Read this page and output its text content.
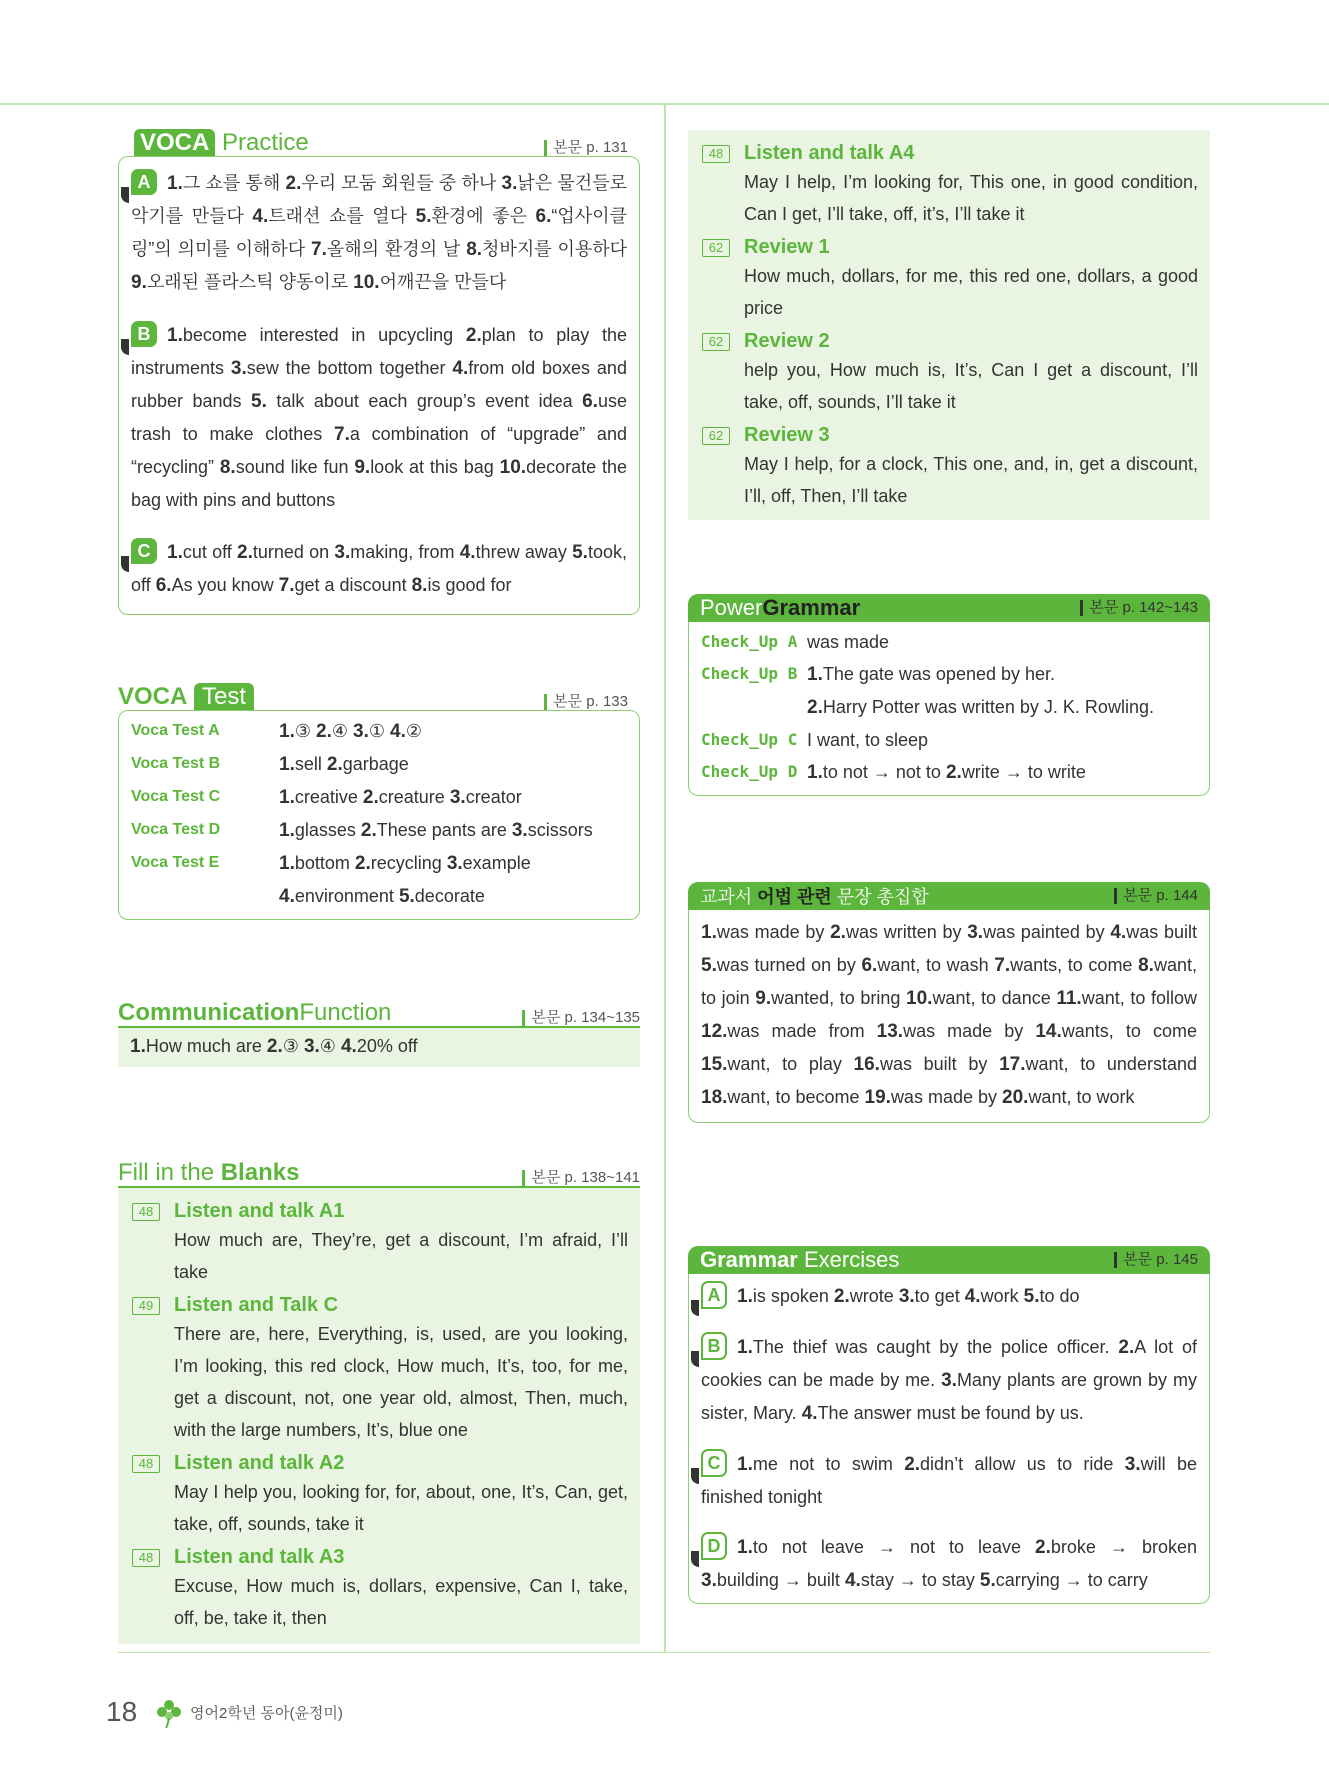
VOCA Practice	본문 p. 131
A 1.그 쇼를 통해 2.우리 모둠 회원들 중 하나 3.낡은 물건들로 악기를 만들다 4.트래션 쇼를 열다 5.환경에 좋은 6.“업사이클링”의 의미를 이해하다 7.올해의 환경의 날 8.청바지를 이용하다 9.오래된 플라스틱 양동이로 10.어깨끈을 만들다
B 1.become interested in upcycling 2.plan to play the instruments 3.sew the bottom together 4.from old boxes and rubber bands 5. talk about each group’s event idea 6.use trash to make clothes 7.a combination of “upgrade” and “recycling” 8.sound like fun 9.look at this bag 10.decorate the bag with pins and buttons
C 1.cut off 2.turned on 3.making, from 4.threw away 5.took, off 6.As you know 7.get a discount 8.is good for
VOCA Test	본문 p. 133
Voca Test A	1.③ 2.④ 3.① 4.②
Voca Test B	1.sell 2.garbage
Voca Test C	1.creative 2.creature 3.creator
Voca Test D	1.glasses 2.These pants are 3.scissors
Voca Test E	1.bottom 2.recycling 3.example
4.environment 5.decorate
CommunicationFunction	본문 p. 134~135
1.How much are 2.③ 3.④ 4.20% off
Fill in the Blanks	본문 p. 138~141
48	Listen and talk A1
How much are, They’re, get a discount, I’m afraid, I’ll take
49	Listen and Talk C
There are, here, Everything, is, used, are you looking, I’m looking, this red clock, How much, It’s, too, for me, get a discount, not, one year old, almost, Then, much, with the large numbers, It’s, blue one
48	Listen and talk A2
May I help you, looking for, for, about, one, It’s, Can, get, take, off, sounds, take it
48	Listen and talk A3
Excuse, How much is, dollars, expensive, Can I, take, off, be, take it, then
48	Listen and talk A4
May I help, I’m looking for, This one, in good condition, Can I get, I’ll take, off, it’s, I’ll take it
62	Review 1
How much, dollars, for me, this red one, dollars, a good price
62	Review 2
help you, How much is, It’s, Can I get a discount, I’ll take, off, sounds, I’ll take it
62	Review 3
May I help, for a clock, This one, and, in, get a discount, I’ll, off, Then, I’ll take
PowerGrammar	본문 p. 142~143
Check_Up A was made
Check_Up B 1.The gate was opened by her.
2.Harry Potter was written by J. K. Rowling.
Check_Up C I want, to sleep
Check_Up D 1.to not → not to 2.write → to write
교과서 어법 관련 문장 총집합	본문 p. 144
1.was made by 2.was written by 3.was painted by 4.was built 5.was turned on by 6.want, to wash 7.wants, to come 8.want, to join 9.wanted, to bring 10.want, to dance 11.want, to follow 12.was made from 13.was made by 14.wants, to come 15.want, to play 16.was built by 17.want, to understand 18.want, to become 19.was made by 20.want, to work
Grammar Exercises	본문 p. 145
A 1.is spoken 2.wrote 3.to get 4.work 5.to do
B 1.The thief was caught by the police officer. 2.A lot of cookies can be made by me. 3.Many plants are grown by my sister, Mary. 4.The answer must be found by us.
C 1.me not to swim 2.didn’t allow us to ride 3.will be finished tonight
D 1.to not leave → not to leave 2.broke → broken 3.building → built 4.stay → to stay 5.carrying → to carry
18	영어2학년 동아(윤정미)
